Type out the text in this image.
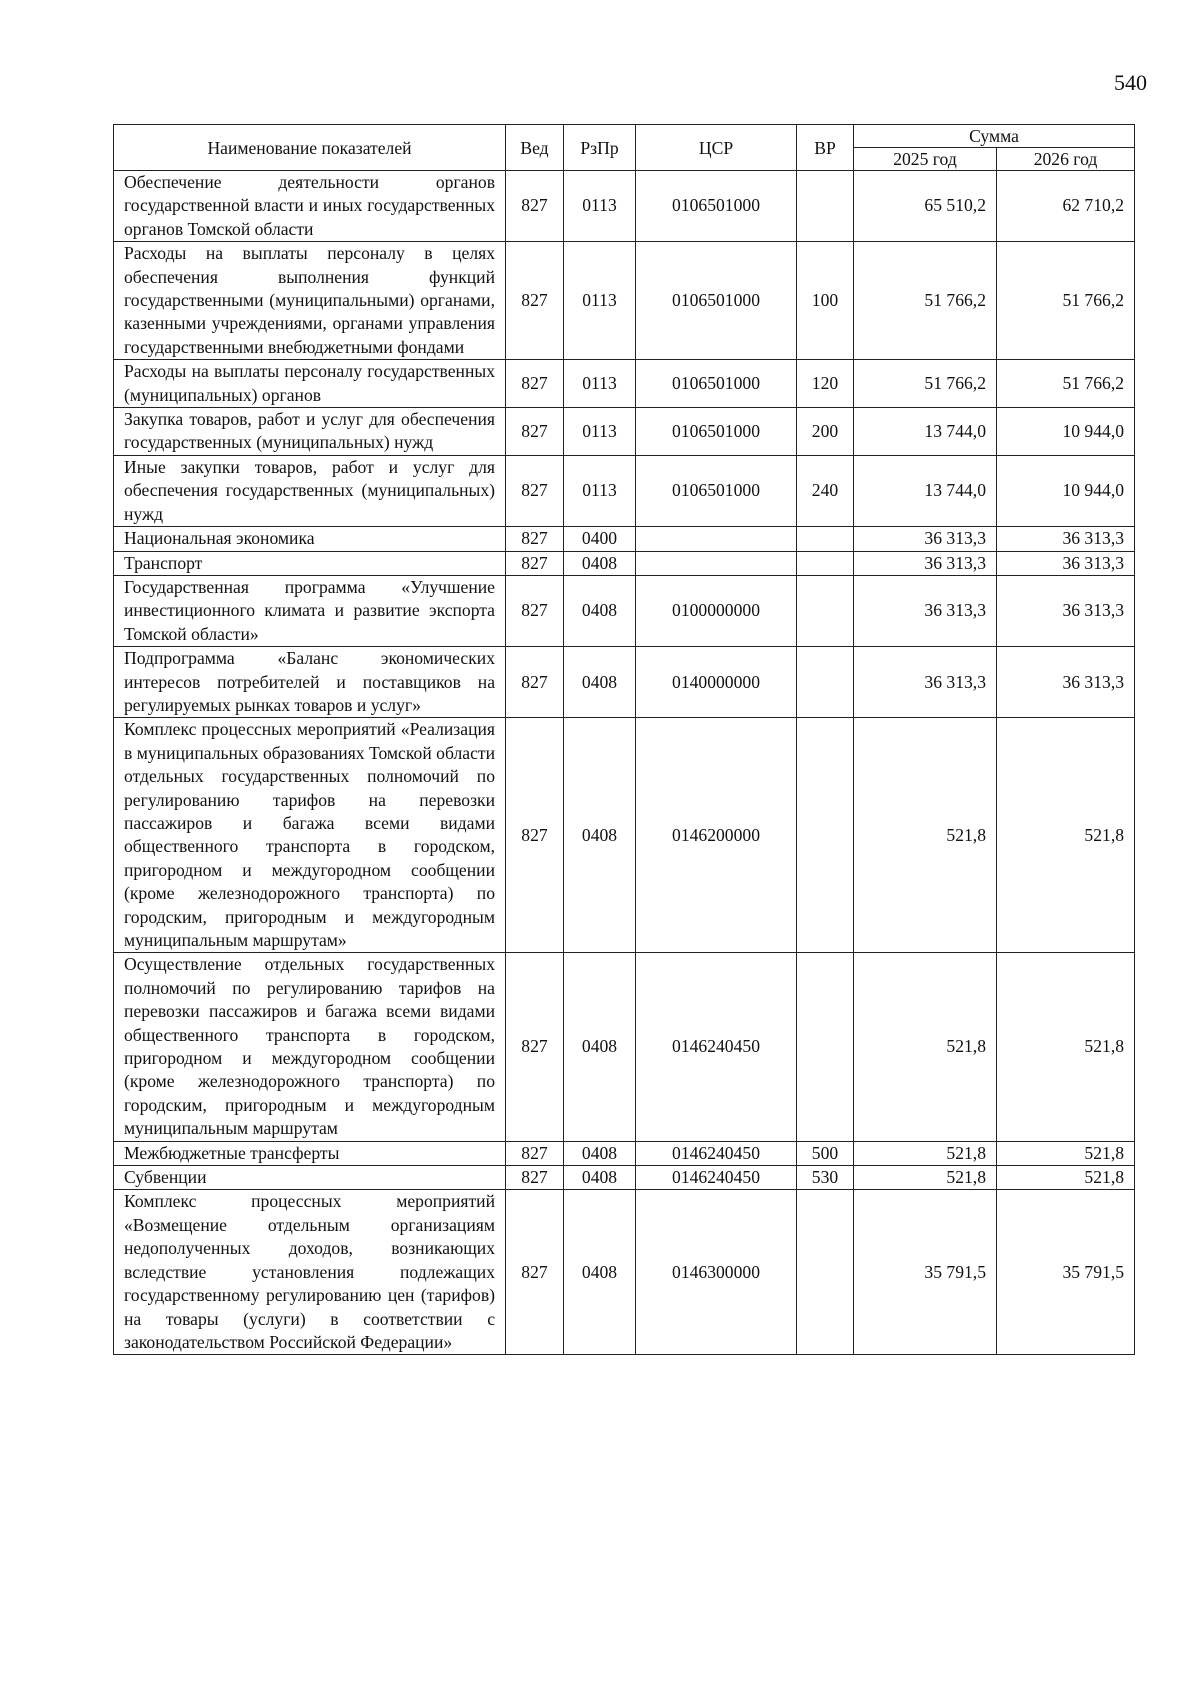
540
Наименование показателей	Вед	РзПр	ЦСР	ВР	Сумма	
					2025 год	2026 год
Обеспечение деятельности органов государственной власти и иных государственных органов Томской области	827	0113	0106501000		65 510,2	62 710,2
Расходы на выплаты персоналу в целях обеспечения выполнения функций государственными (муниципальными) органами, казенными учреждениями, органами управления государственными внебюджетными фондами	827	0113	0106501000	100	51 766,2	51 766,2
Расходы на выплаты персоналу государственных (муниципальных) органов	827	0113	0106501000	120	51 766,2	51 766,2
Закупка товаров, работ и услуг для обеспечения государственных (муниципальных) нужд	827	0113	0106501000	200	13 744,0	10 944,0
Иные закупки товаров, работ и услуг для обеспечения государственных (муниципальных) нужд	827	0113	0106501000	240	13 744,0	10 944,0
Национальная экономика	827	0400			36 313,3	36 313,3
Транспорт	827	0408			36 313,3	36 313,3
Государственная программа «Улучшение инвестиционного климата и развитие экспорта Томской области»	827	0408	0100000000		36 313,3	36 313,3
Подпрограмма «Баланс экономических интересов потребителей и поставщиков на регулируемых рынках товаров и услуг»	827	0408	0140000000		36 313,3	36 313,3
Комплекс процессных мероприятий «Реализация в муниципальных образованиях Томской области отдельных государственных полномочий по регулированию тарифов на перевозки пассажиров и багажа всеми видами общественного транспорта в городском, пригородном и междугородном сообщении (кроме железнодорожного транспорта) по городским, пригородным и междугородным муниципальным маршрутам»	827	0408	0146200000		521,8	521,8
Осуществление отдельных государственных полномочий по регулированию тарифов на перевозки пассажиров и багажа всеми видами общественного транспорта в городском, пригородном и междугородном сообщении (кроме железнодорожного транспорта) по городским, пригородным и междугородным муниципальным маршрутам	827	0408	0146240450		521,8	521,8
Межбюджетные трансферты	827	0408	0146240450	500	521,8	521,8
Субвенции	827	0408	0146240450	530	521,8	521,8
Комплекс процессных мероприятий «Возмещение отдельным организациям недополученных доходов, возникающих вследствие установления подлежащих государственному регулированию цен (тарифов) на товары (услуги) в соответствии с законодательством Российской Федерации»	827	0408	0146300000		35 791,5	35 791,5
